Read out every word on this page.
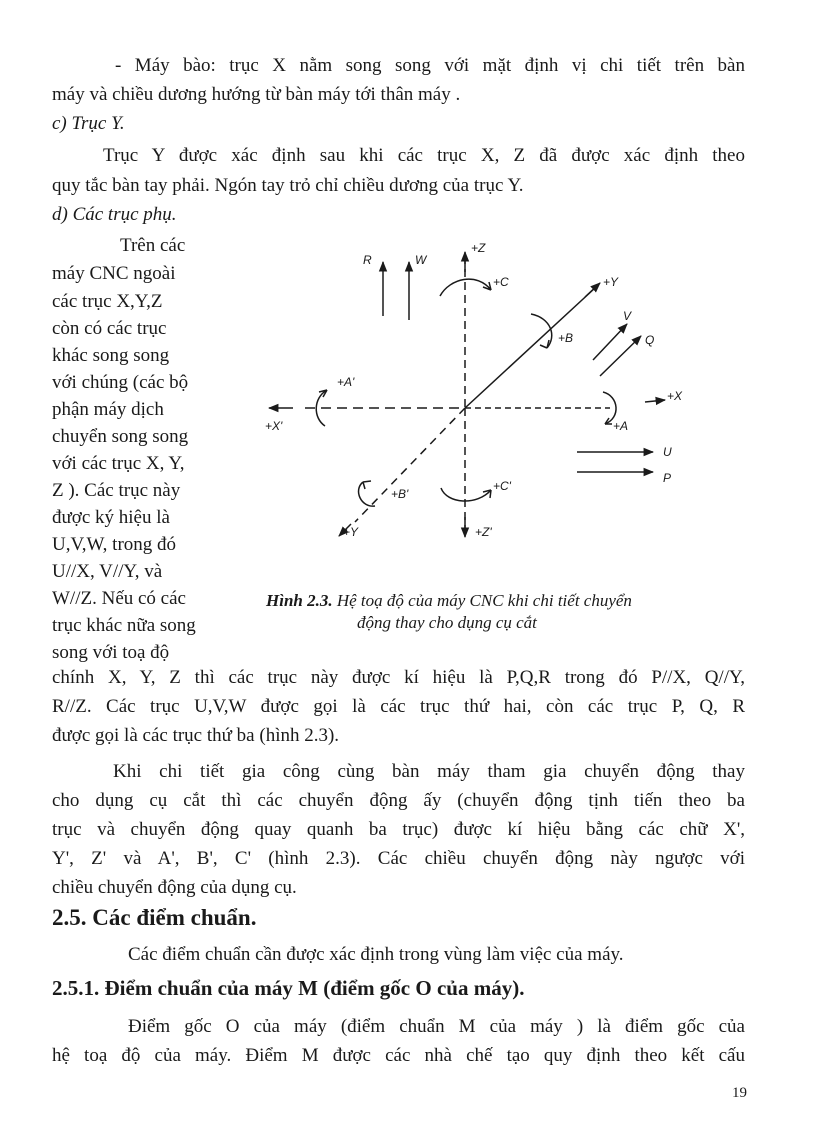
- Máy bào: trục X nằm song song với mặt định vị chi tiết trên bàn
máy và chiều dương hướng từ bàn máy tới thân máy .
c) Trục Y.
Trục Y được xác định sau khi các trục X, Z đã được xác định theo
quy tắc bàn tay phải. Ngón tay trỏ chỉ chiều dương của trục Y.
d) Các trục phụ.
Trên các
máy CNC ngoài
các trục X,Y,Z
còn có các trục
khác song song
với chúng (các bộ
phận máy dịch
chuyển song song
với các trục X, Y,
Z ). Các trục này
được ký hiệu là
U,V,W, trong đó
U//X, V//Y, và
W//Z. Nếu có các
trục khác nữa song
song với toạ độ
R	W
+Z
+C	+Y
V
+B	Q
+A'
+X
+X'	+A
U
P
+B'
+C'
+Y	+Z'
Hình 2.3. Hệ toạ độ của máy CNC khi chi tiết chuyển
động thay cho dụng cụ cắt
chính X, Y, Z thì các trục này được kí hiệu là P,Q,R trong đó P//X, Q//Y,
R//Z. Các trục U,V,W được gọi là các trục thứ hai, còn các trục P, Q, R
được gọi là các trục thứ ba (hình 2.3).
Khi chi tiết gia công cùng bàn máy tham gia chuyển động thay
cho dụng cụ cắt thì các chuyển động ấy (chuyển động tịnh tiến theo ba
trục và chuyển động quay quanh ba trục) được kí hiệu bằng các chữ X',
Y', Z' và A', B', C' (hình 2.3). Các chiều chuyển động này ngược với
chiều chuyển động của dụng cụ.
2.5. Các điểm chuẩn.
Các điểm chuẩn cần được xác định trong vùng làm việc của máy.
2.5.1. Điểm chuẩn của máy M (điểm gốc O của máy).
Điểm gốc O của máy (điểm chuẩn M của máy ) là điểm gốc của
hệ toạ độ của máy. Điểm M được các nhà chế tạo quy định theo kết cấu
19
